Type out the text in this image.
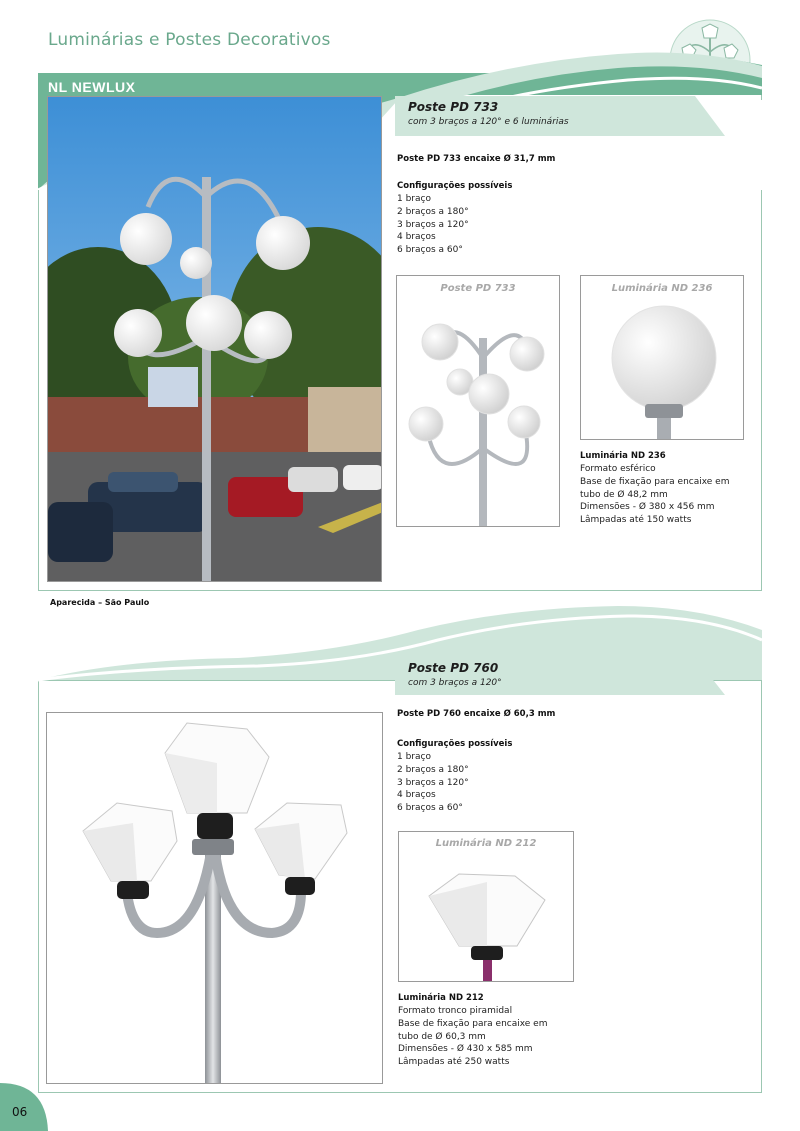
Luminárias e Postes Decorativos
NL NEWLUX
Poste PD 733
com 3 braços a 120° e 6 luminárias
Poste PD 733 encaixe Ø 31,7 mm
Configurações possíveis
1 braço
2 braços a 180°
3 braços a 120°
4 braços
6 braços a 60°
Aparecida – São Paulo
Poste PD 733	Luminária ND 236
Luminária ND 236
Formato esférico
Base de fixação para encaixe em
tubo de Ø 48,2 mm
Dimensões - Ø 380 x 456 mm
Lâmpadas até 150 watts
Poste PD 760
com 3 braços a 120°
Poste PD 760 encaixe Ø 60,3 mm
Configurações possíveis
1 braço
2 braços a 180°
3 braços a 120°
4 braços
6 braços a 60°
Luminária ND 212
Luminária ND 212
Formato tronco piramidal
Base de fixação para encaixe em
tubo de Ø 60,3 mm
Dimensões - Ø 430 x 585 mm
Lâmpadas até 250 watts
06
